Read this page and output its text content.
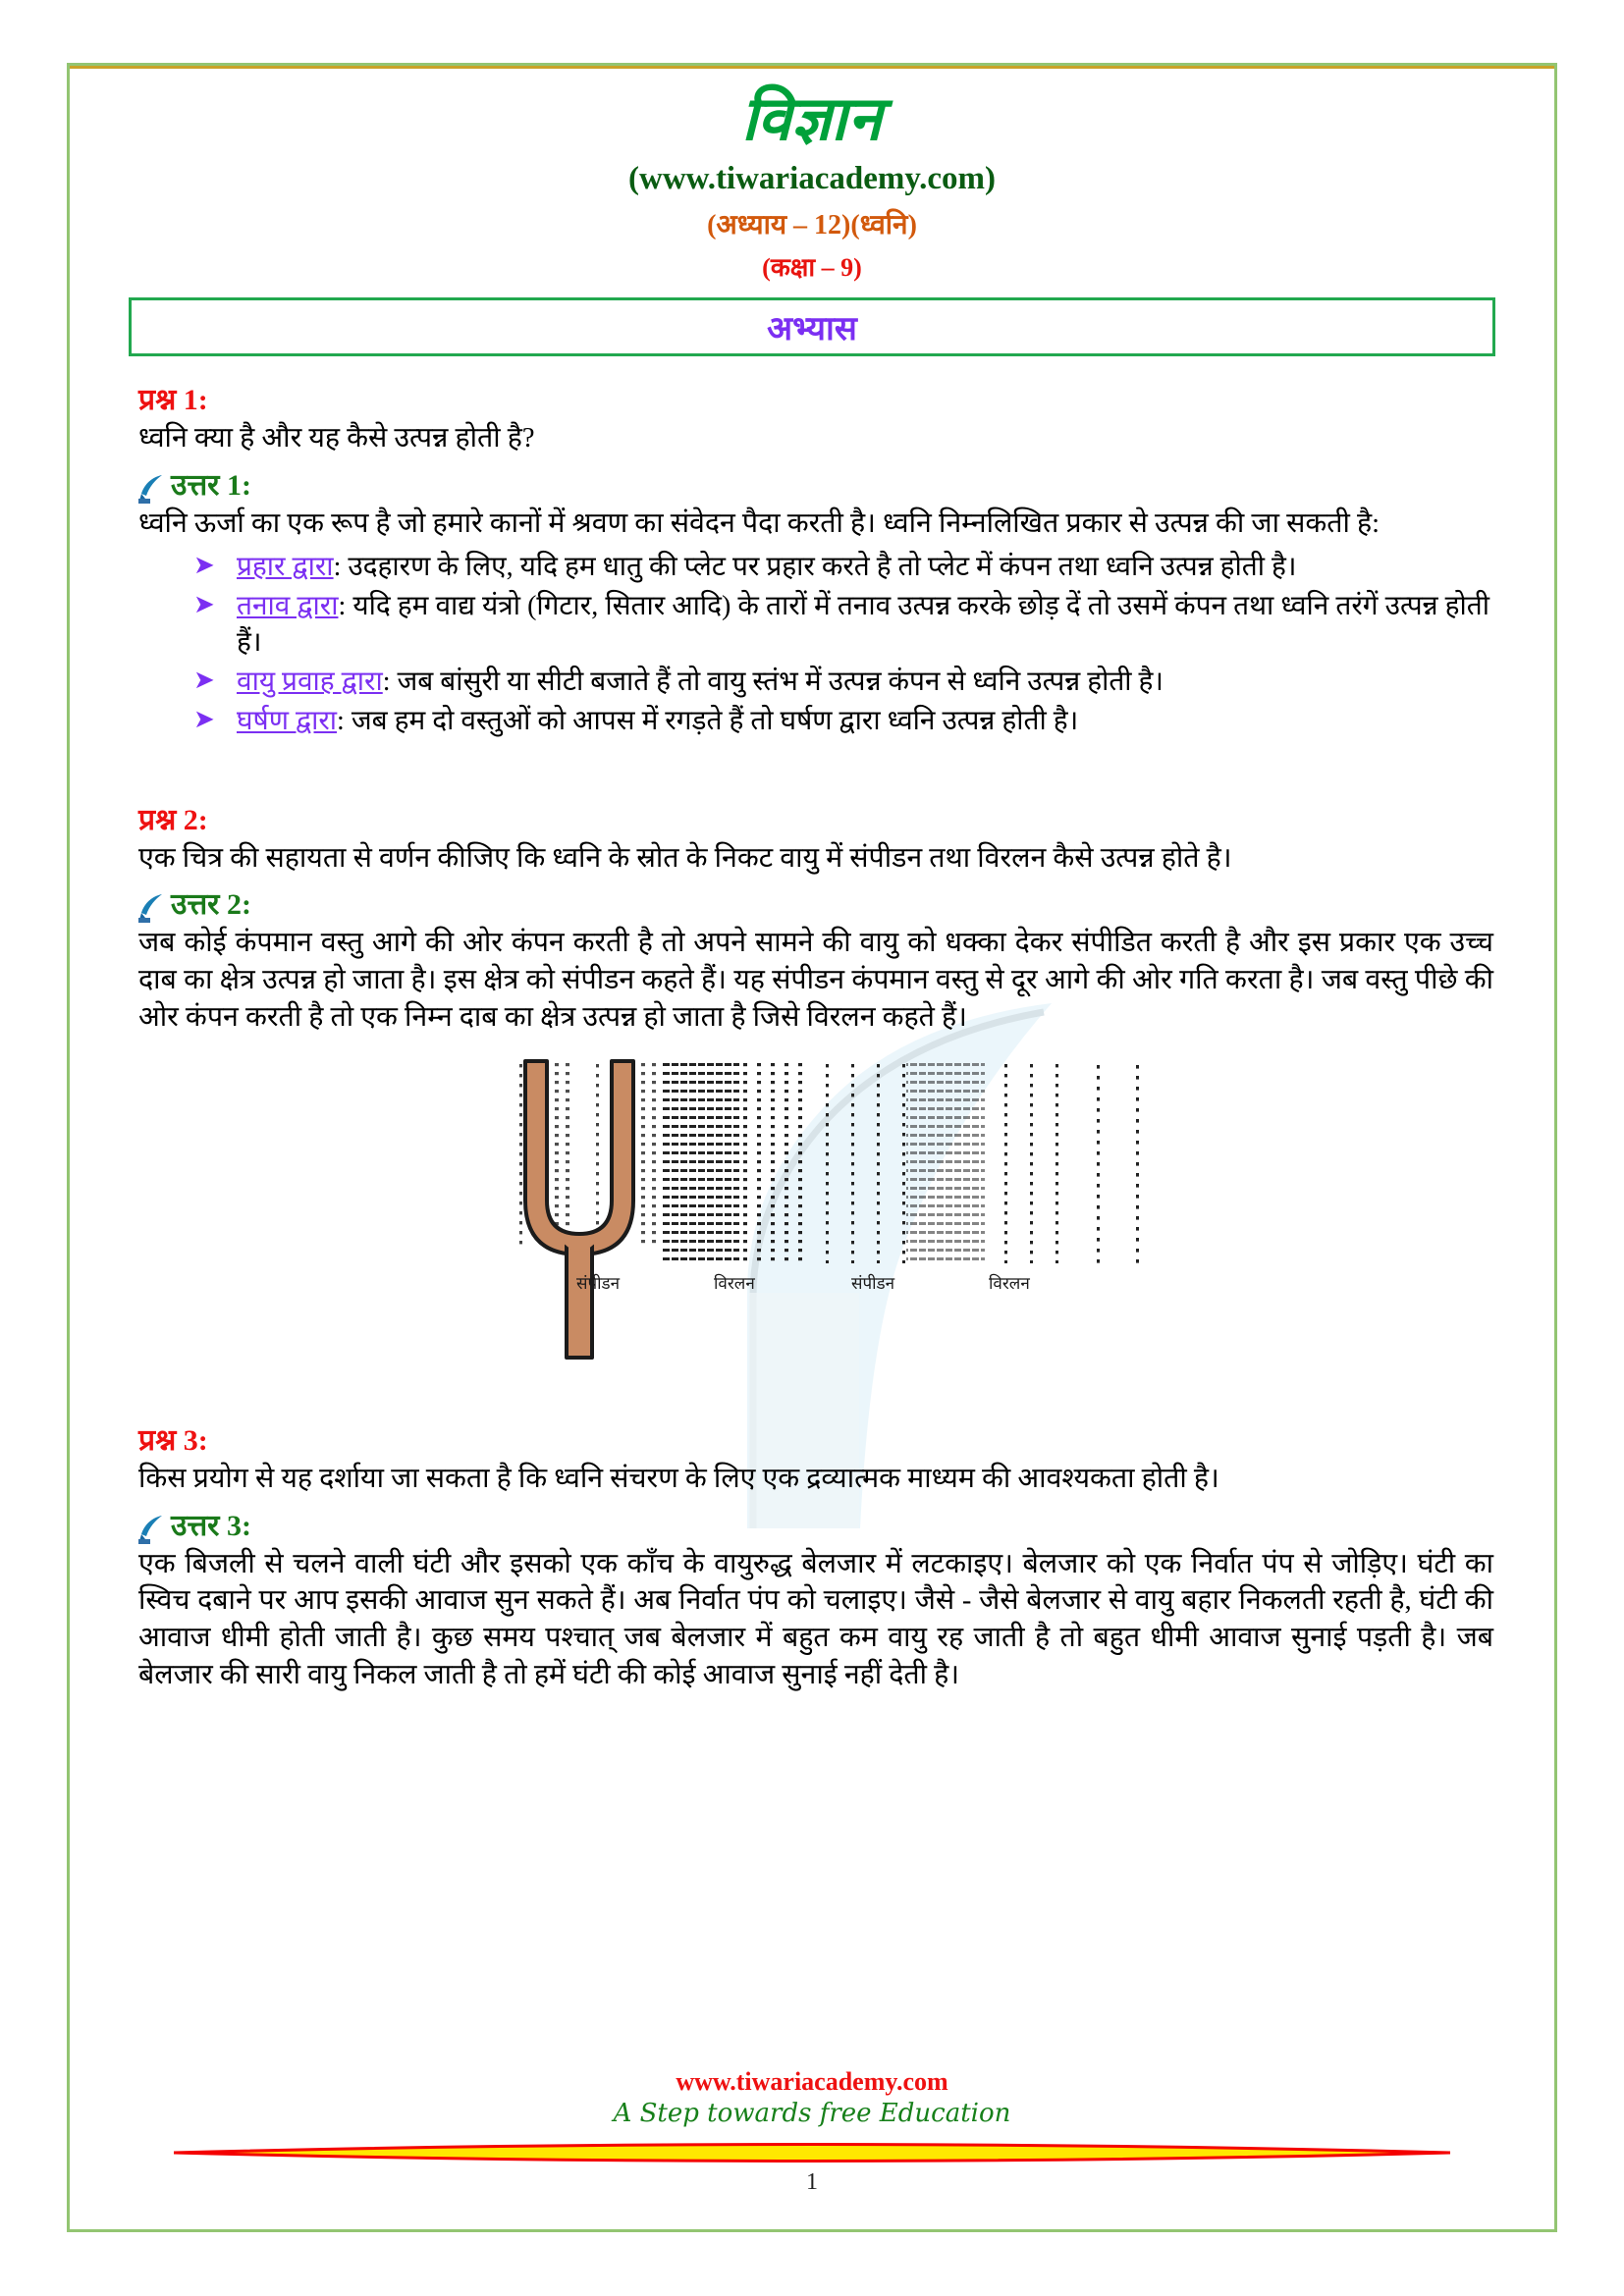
विज्ञान
(www.tiwariacademy.com)
(अध्याय – 12)(ध्वनि)
(कक्षा – 9)
अभ्यास
प्रश्न 1:
ध्वनि क्या है और यह कैसे उत्पन्न होती है?
उत्तर 1:
ध्वनि ऊर्जा का एक रूप है जो हमारे कानों में श्रवण का संवेदन पैदा करती है। ध्वनि निम्नलिखित प्रकार से उत्पन्न की जा सकती है:
➤ प्रहार द्वारा: उदहारण के लिए, यदि हम धातु की प्लेट पर प्रहार करते है तो प्लेट में कंपन तथा ध्वनि उत्पन्न होती है।
➤ तनाव द्वारा: यदि हम वाद्य यंत्रो (गिटार, सितार आदि) के तारों में तनाव उत्पन्न करके छोड़ दें तो उसमें कंपन तथा ध्वनि तरंगें उत्पन्न होती हैं।
➤ वायु प्रवाह द्वारा: जब बांसुरी या सीटी बजाते हैं तो वायु स्तंभ में उत्पन्न कंपन से ध्वनि उत्पन्न होती है।
➤ घर्षण द्वारा: जब हम दो वस्तुओं को आपस में रगड़ते हैं तो घर्षण द्वारा ध्वनि उत्पन्न होती है।
प्रश्न 2:
एक चित्र की सहायता से वर्णन कीजिए कि ध्वनि के स्रोत के निकट वायु में संपीडन तथा विरलन कैसे उत्पन्न होते है।
उत्तर 2:
जब कोई कंपमान वस्तु आगे की ओर कंपन करती है तो अपने सामने की वायु को धक्का देकर संपीडित करती है और इस प्रकार एक उच्च दाब का क्षेत्र उत्पन्न हो जाता है। इस क्षेत्र को संपीडन कहते हैं। यह संपीडन कंपमान वस्तु से दूर आगे की ओर गति करता है। जब वस्तु पीछे की ओर कंपन करती है तो एक निम्न दाब का क्षेत्र उत्पन्न हो जाता है जिसे विरलन कहते हैं।
संपीडन	विरलन	संपीडन	विरलन
प्रश्न 3:
किस प्रयोग से यह दर्शाया जा सकता है कि ध्वनि संचरण के लिए एक द्रव्यात्मक माध्यम की आवश्यकता होती है।
उत्तर 3:
एक बिजली से चलने वाली घंटी और इसको एक काँच के वायुरुद्ध बेलजार में लटकाइए। बेलजार को एक निर्वात पंप से जोड़िए। घंटी का स्विच दबाने पर आप इसकी आवाज सुन सकते हैं। अब निर्वात पंप को चलाइए। जैसे - जैसे बेलजार से वायु बहार निकलती रहती है, घंटी की आवाज धीमी होती जाती है। कुछ समय पश्चात् जब बेलजार में बहुत कम वायु रह जाती है तो बहुत धीमी आवाज सुनाई पड़ती है। जब बेलजार की सारी वायु निकल जाती है तो हमें घंटी की कोई आवाज सुनाई नहीं देती है।
www.tiwariacademy.com
A Step towards free Education
1
